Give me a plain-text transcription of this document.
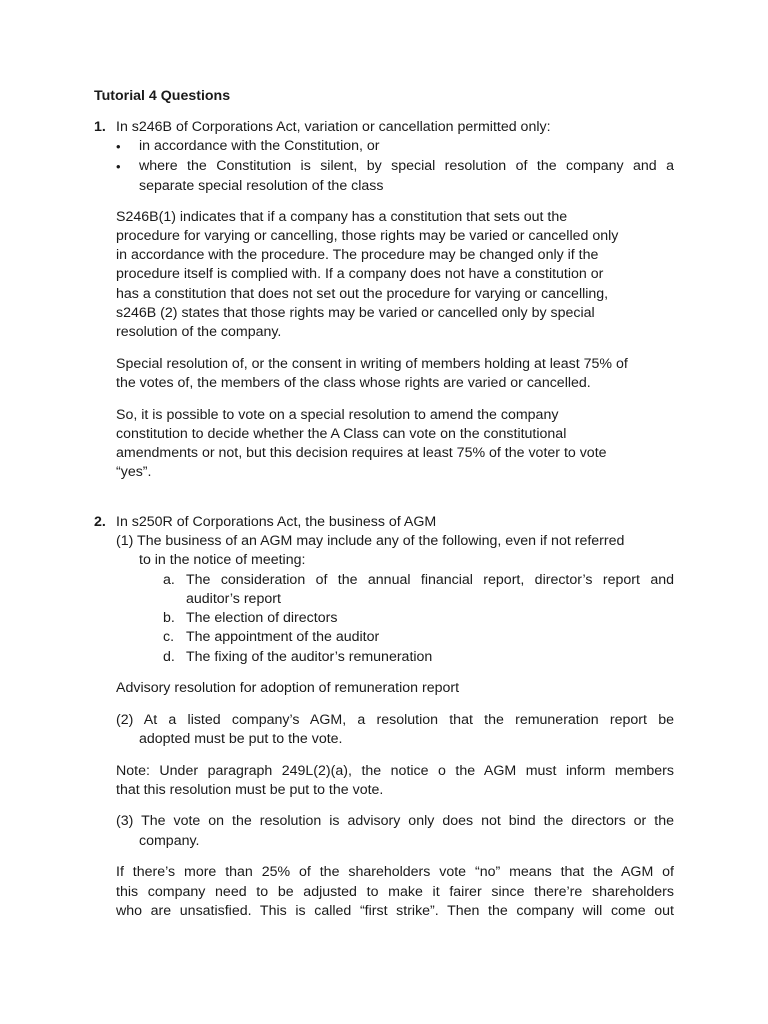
Tutorial 4 Questions
1. In s246B of Corporations Act, variation or cancellation permitted only:
• in accordance with the Constitution, or
• where the Constitution is silent, by special resolution of the company and a
separate special resolution of the class
S246B(1) indicates that if a company has a constitution that sets out the
procedure for varying or cancelling, those rights may be varied or cancelled only
in accordance with the procedure. The procedure may be changed only if the
procedure itself is complied with. If a company does not have a constitution or
has a constitution that does not set out the procedure for varying or cancelling,
s246B (2) states that those rights may be varied or cancelled only by special
resolution of the company.
Special resolution of, or the consent in writing of members holding at least 75% of
the votes of, the members of the class whose rights are varied or cancelled.
So, it is possible to vote on a special resolution to amend the company
constitution to decide whether the A Class can vote on the constitutional
amendments or not, but this decision requires at least 75% of the voter to vote
“yes”.
2. In s250R of Corporations Act, the business of AGM
(1) The business of an AGM may include any of the following, even if not referred
to in the notice of meeting:
a. The consideration of the annual financial report, director’s report and
auditor’s report
b. The election of directors
c. The appointment of the auditor
d. The fixing of the auditor’s remuneration
Advisory resolution for adoption of remuneration report
(2) At a listed company’s AGM, a resolution that the remuneration report be
adopted must be put to the vote.
Note: Under paragraph 249L(2)(a), the notice o the AGM must inform members
that this resolution must be put to the vote.
(3) The vote on the resolution is advisory only does not bind the directors or the
company.
If there’s more than 25% of the shareholders vote “no” means that the AGM of
this company need to be adjusted to make it fairer since there’re shareholders
who are unsatisfied. This is called “first strike”. Then the company will come out
